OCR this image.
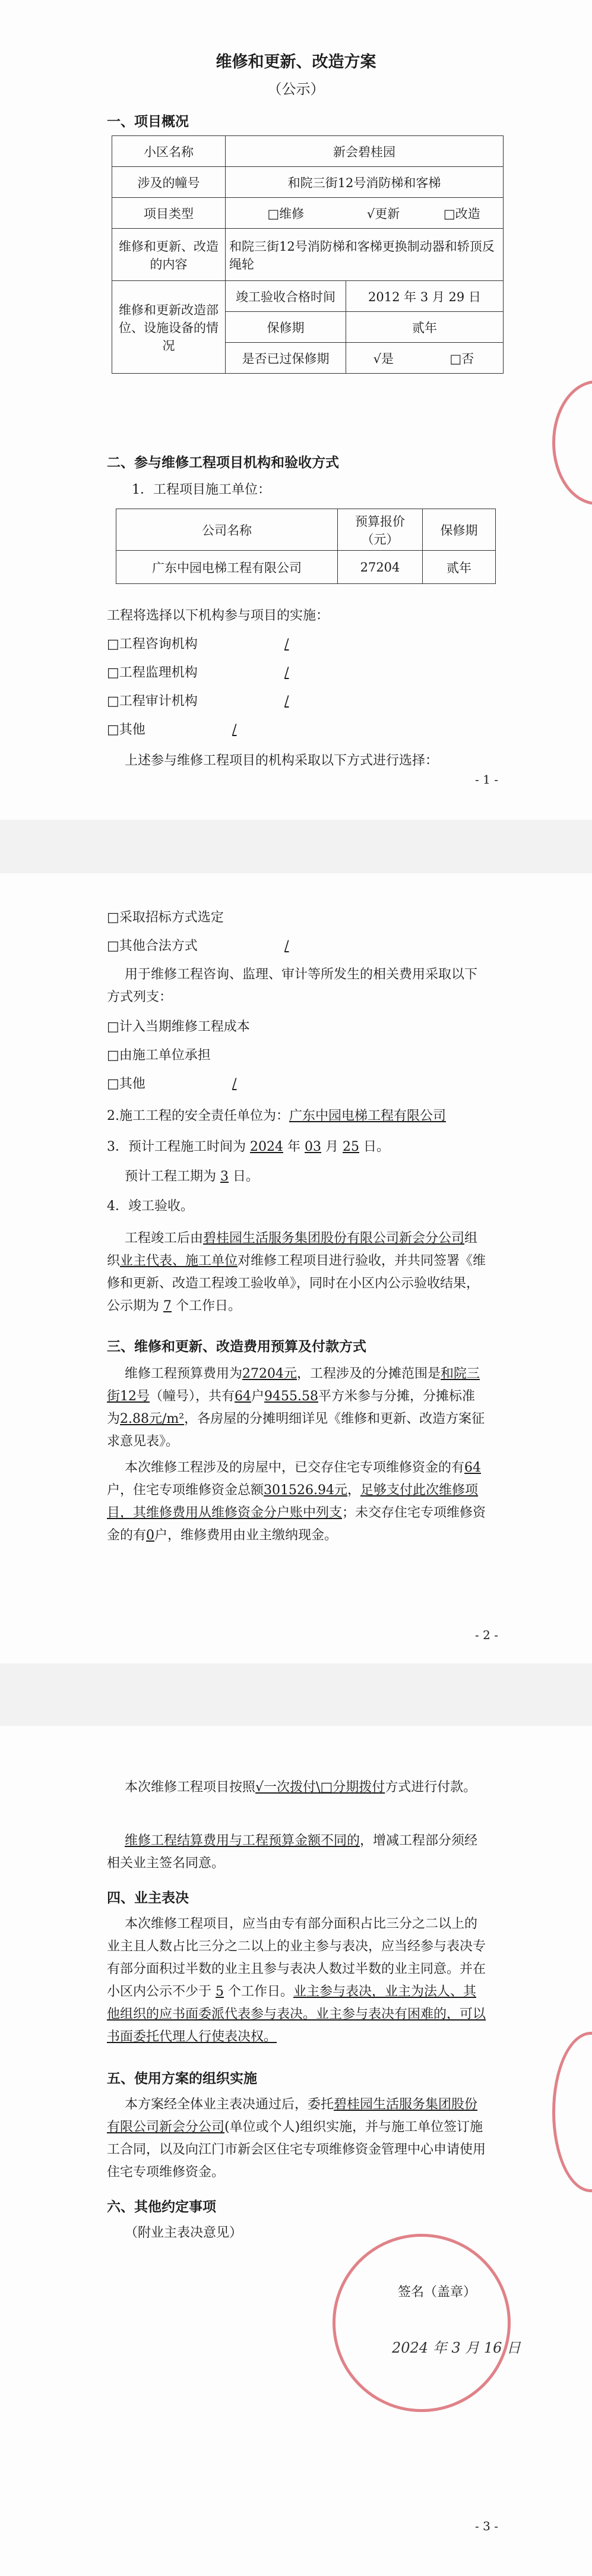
维修和更新、改造方案
（公示）
一、项目概况
小区名称	新会碧桂园		
涉及的幢号	和院三街12号消防梯和客梯		
项目类型	□维修	√更新	□改造
维修和更新、改造的内容	和院三街12号消防梯和客梯更换制动器和轿顶反绳轮		
维修和更新改造部位、设施设备的情况	竣工验收合格时间	2012 年 3 月 29 日	
	保修期	贰年	
	是否已过保修期	√是	□否
二、参与维修工程项目机构和验收方式
1．工程项目施工单位：
公司名称	预算报价（元）	保修期
广东中园电梯工程有限公司	27204	贰年
工程将选择以下机构参与项目的实施：
□工程咨询机构	/
□工程监理机构	/
□工程审计机构	/
□其他	/
上述参与维修工程项目的机构采取以下方式进行选择：
- 1 -
□采取招标方式选定
□其他合法方式	/
用于维修工程咨询、监理、审计等所发生的相关费用采取以下方式列支：
□计入当期维修工程成本
□由施工单位承担
□其他	/
2.施工工程的安全责任单位为：广东中园电梯工程有限公司
3．预计工程施工时间为 2024 年 03 月 25 日。
预计工程工期为 3 日。
4．竣工验收。
工程竣工后由碧桂园生活服务集团股份有限公司新会分公司组织业主代表、施工单位对维修工程项目进行验收，并共同签署《维修和更新、改造工程竣工验收单》，同时在小区内公示验收结果，公示期为 7 个工作日。
三、维修和更新、改造费用预算及付款方式
维修工程预算费用为27204元，工程涉及的分摊范围是和院三街12号（幢号），共有64户9455.58平方米参与分摊，分摊标准为2.88元/m²，各房屋的分摊明细详见《维修和更新、改造方案征求意见表》。
本次维修工程涉及的房屋中，已交存住宅专项维修资金的有64户，住宅专项维修资金总额301526.94元，足够支付此次维修项目，其维修费用从维修资金分户账中列支；未交存住宅专项维修资金的有0户，维修费用由业主缴纳现金。
- 2 -
本次维修工程项目按照√一次拨付\□分期拨付方式进行付款。
维修工程结算费用与工程预算金额不同的，增减工程部分须经相关业主签名同意。
四、业主表决
本次维修工程项目，应当由专有部分面积占比三分之二以上的业主且人数占比三分之二以上的业主参与表决，应当经参与表决专有部分面积过半数的业主且参与表决人数过半数的业主同意。并在小区内公示不少于 5 个工作日。业主参与表决，业主为法人、其他组织的应书面委派代表参与表决。业主参与表决有困难的，可以书面委托代理人行使表决权。
五、使用方案的组织实施
本方案经全体业主表决通过后，委托碧桂园生活服务集团股份有限公司新会分公司(单位或个人)组织实施，并与施工单位签订施工合同，以及向江门市新会区住宅专项维修资金管理中心申请使用住宅专项维修资金。
六、其他约定事项
（附业主表决意见）
签名（盖章）
2024 年 3 月 16 日
- 3 -
